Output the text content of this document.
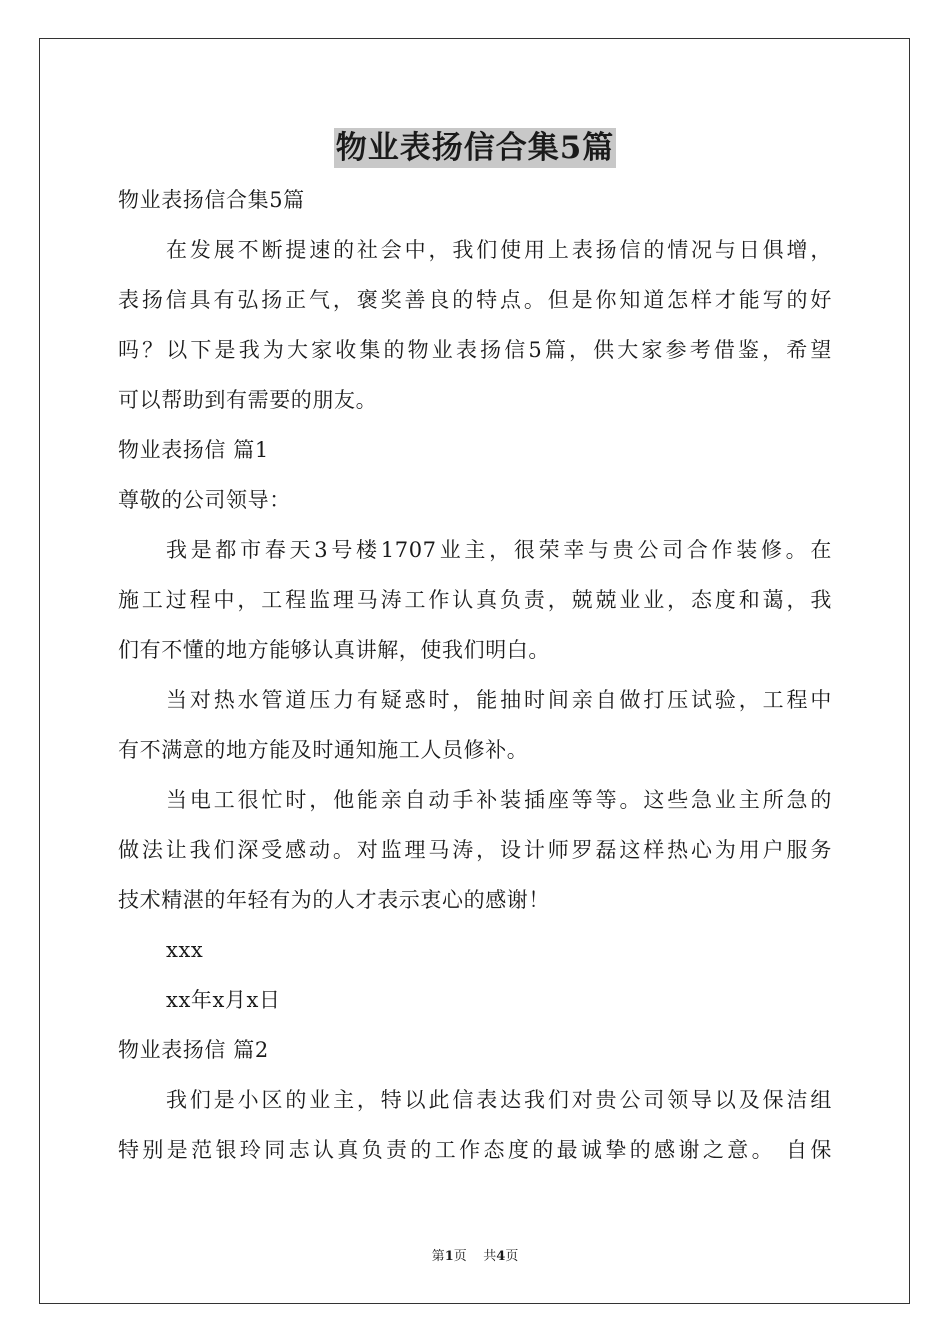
物业表扬信合集5篇
物业表扬信合集5篇
在发展不断提速的社会中，我们使用上表扬信的情况与日俱增，
表扬信具有弘扬正气，褒奖善良的特点。但是你知道怎样才能写的好
吗？以下是我为大家收集的物业表扬信5篇，供大家参考借鉴，希望
可以帮助到有需要的朋友。
物业表扬信 篇1
尊敬的公司领导：
我是都市春天3号楼1707业主，很荣幸与贵公司合作装修。在
施工过程中，工程监理马涛工作认真负责，兢兢业业，态度和蔼，我
们有不懂的地方能够认真讲解，使我们明白。
当对热水管道压力有疑惑时，能抽时间亲自做打压试验，工程中
有不满意的地方能及时通知施工人员修补。
当电工很忙时，他能亲自动手补装插座等等。这些急业主所急的
做法让我们深受感动。对监理马涛，设计师罗磊这样热心为用户服务
技术精湛的年轻有为的人才表示衷心的感谢！
xxx
xx年x月x日
物业表扬信 篇2
我们是小区的业主，特以此信表达我们对贵公司领导以及保洁组
特别是范银玲同志认真负责的工作态度的最诚挚的感谢之意。 自保
第1页    共4页
